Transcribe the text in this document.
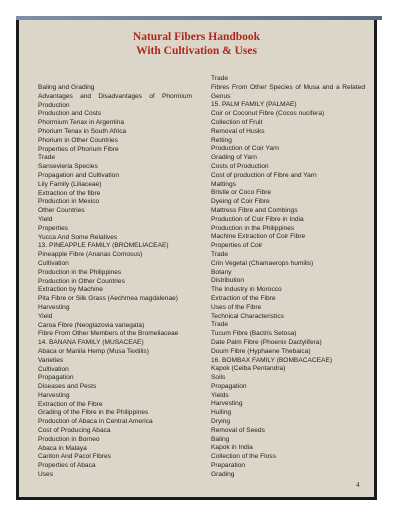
Natural Fibers Handbook
With Cultivation & Uses
Baling and Grading
Advantages and Disadvantages of Phormium
Production
Production and Costs
Phormium Tenax in Argentina
Phorium Tenax in South Africa
Phorium in Other Countries
Properties of Phorium Fibre
Trade
Sansevieria Species
Propagation and Cultivation
Lily Family (Liliaceae)
Extraction of the fibre
Production in Mexico
Other Countries
Yield
Properties
Yucca And Some Relatives
13. PINEAPPLE FAMILY (BROMELIACEAE)
Pineapple Fibre (Ananas Comosus)
Cultivation
Production in the Philippines
Production in Other Countries
Extraction by Machine
Pita Fibre or Silk Grass (Aechmea magdalenae)
Harvesting
Yield
Caroa Fibre (Neoglazovia variegata)
Fibre From Other Members of the Bromeliaceae
14. BANANA FAMILY (MUSACEAE)
Abaca or Manila Hemp (Musa Textilis)
Varieties
Cultivation
Propagation
Diseases and Pests
Harvesting
Extraction of the Fibre
Grading of the Fibre in the Philippines
Production of Abaca in Central America
Cost of Producing Abaca
Production in Borneo
Abaca in Malaya
Canton And Pacol Fibres
Properties of Abaca
Uses
Trade
Fibres From Other Species of Musa and a Related
Genus
15. PALM FAMILY (PALMAE)
Coir or Coconut Fibre (Cocos nucifera)
Collection of Fruit
Removal of Husks
Retting
Production of Coir Yarn
Grading of Yarn
Costs of Production
Cost of production of Fibre and Yarn
Mattings
Bristle or Coco Fibre
Dyeing of Coir Fibre
Mattress Fibre and Combings
Production of Coir Fibre in India
Production in the Philippines
Machine Extraction of Coir Fibre
Properties of Coir
Trade
Crin Vegetal (Chamaerops humilis)
Botany
Distribution
The Industry in Morocco
Extraction of the Fibre
Uses of the Fibre
Technical Characteristics
Trade
Tucum Fibre (Bactris Setosa)
Date Palm Fibre (Phoenix Dactylifera)
Doum Fibre (Hyphaene Thebaica)
16. BOMBAX FAMILY (BOMBACACEAE)
Kapok (Ceiba Pentandra)
Soils
Propagation
Yields
Harvesting
Hulling
Drying
Removal of Seeds
Baling
Kapok in India
Collection of the Floss
Preparation
Grading
4
